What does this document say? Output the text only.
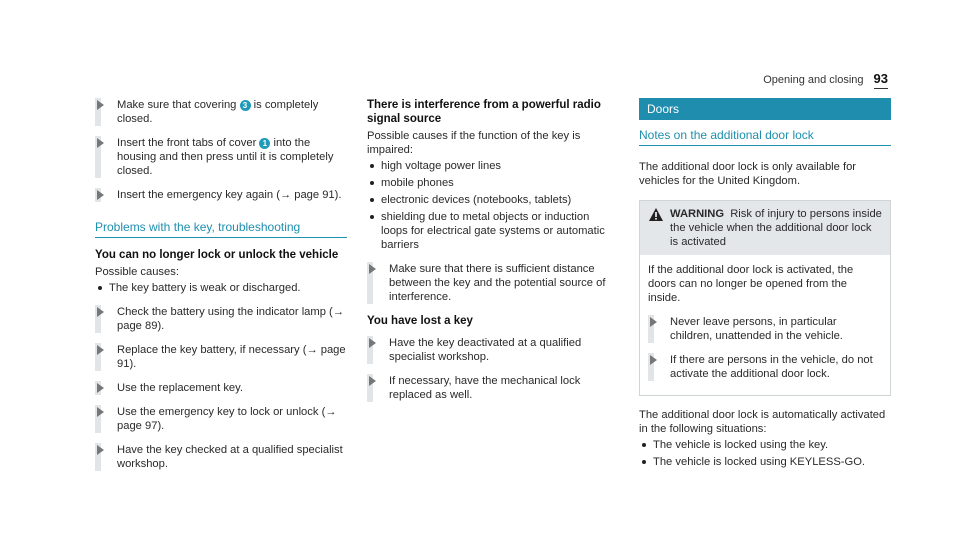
Opening and closing 93
Make sure that covering 3 is completely closed.
Insert the front tabs of cover 1 into the housing and then press until it is completely closed.
Insert the emergency key again (→ page 91).
Problems with the key, troubleshooting
You can no longer lock or unlock the vehicle

Possible causes:

The key battery is weak or discharged.
Check the battery using the indicator lamp (→ page 89).
Replace the key battery, if necessary (→ page 91).
Use the replacement key.
Use the emergency key to lock or unlock (→ page 97).
Have the key checked at a qualified specialist workshop.
There is interference from a powerful radio signal source

Possible causes if the function of the key is impaired:

high voltage power lines
mobile phones
electronic devices (notebooks, tablets)
shielding due to metal objects or induction loops for electrical gate systems or automatic barriers
Make sure that there is sufficient distance between the key and the potential source of interference.
You have lost a key
Have the key deactivated at a qualified specialist workshop.
If necessary, have the mechanical lock replaced as well.
Doors
Notes on the additional door lock

The additional door lock is only available for vehicles for the United Kingdom.

WARNING Risk of injury to persons inside the vehicle when the additional door lock is activated

If the additional door lock is activated, the doors can no longer be opened from the inside.

Never leave persons, in particular children, unattended in the vehicle.
If there are persons in the vehicle, do not activate the additional door lock.

The additional door lock is automatically activated in the following situations:

The vehicle is locked using the key.
The vehicle is locked using KEYLESS-GO.
